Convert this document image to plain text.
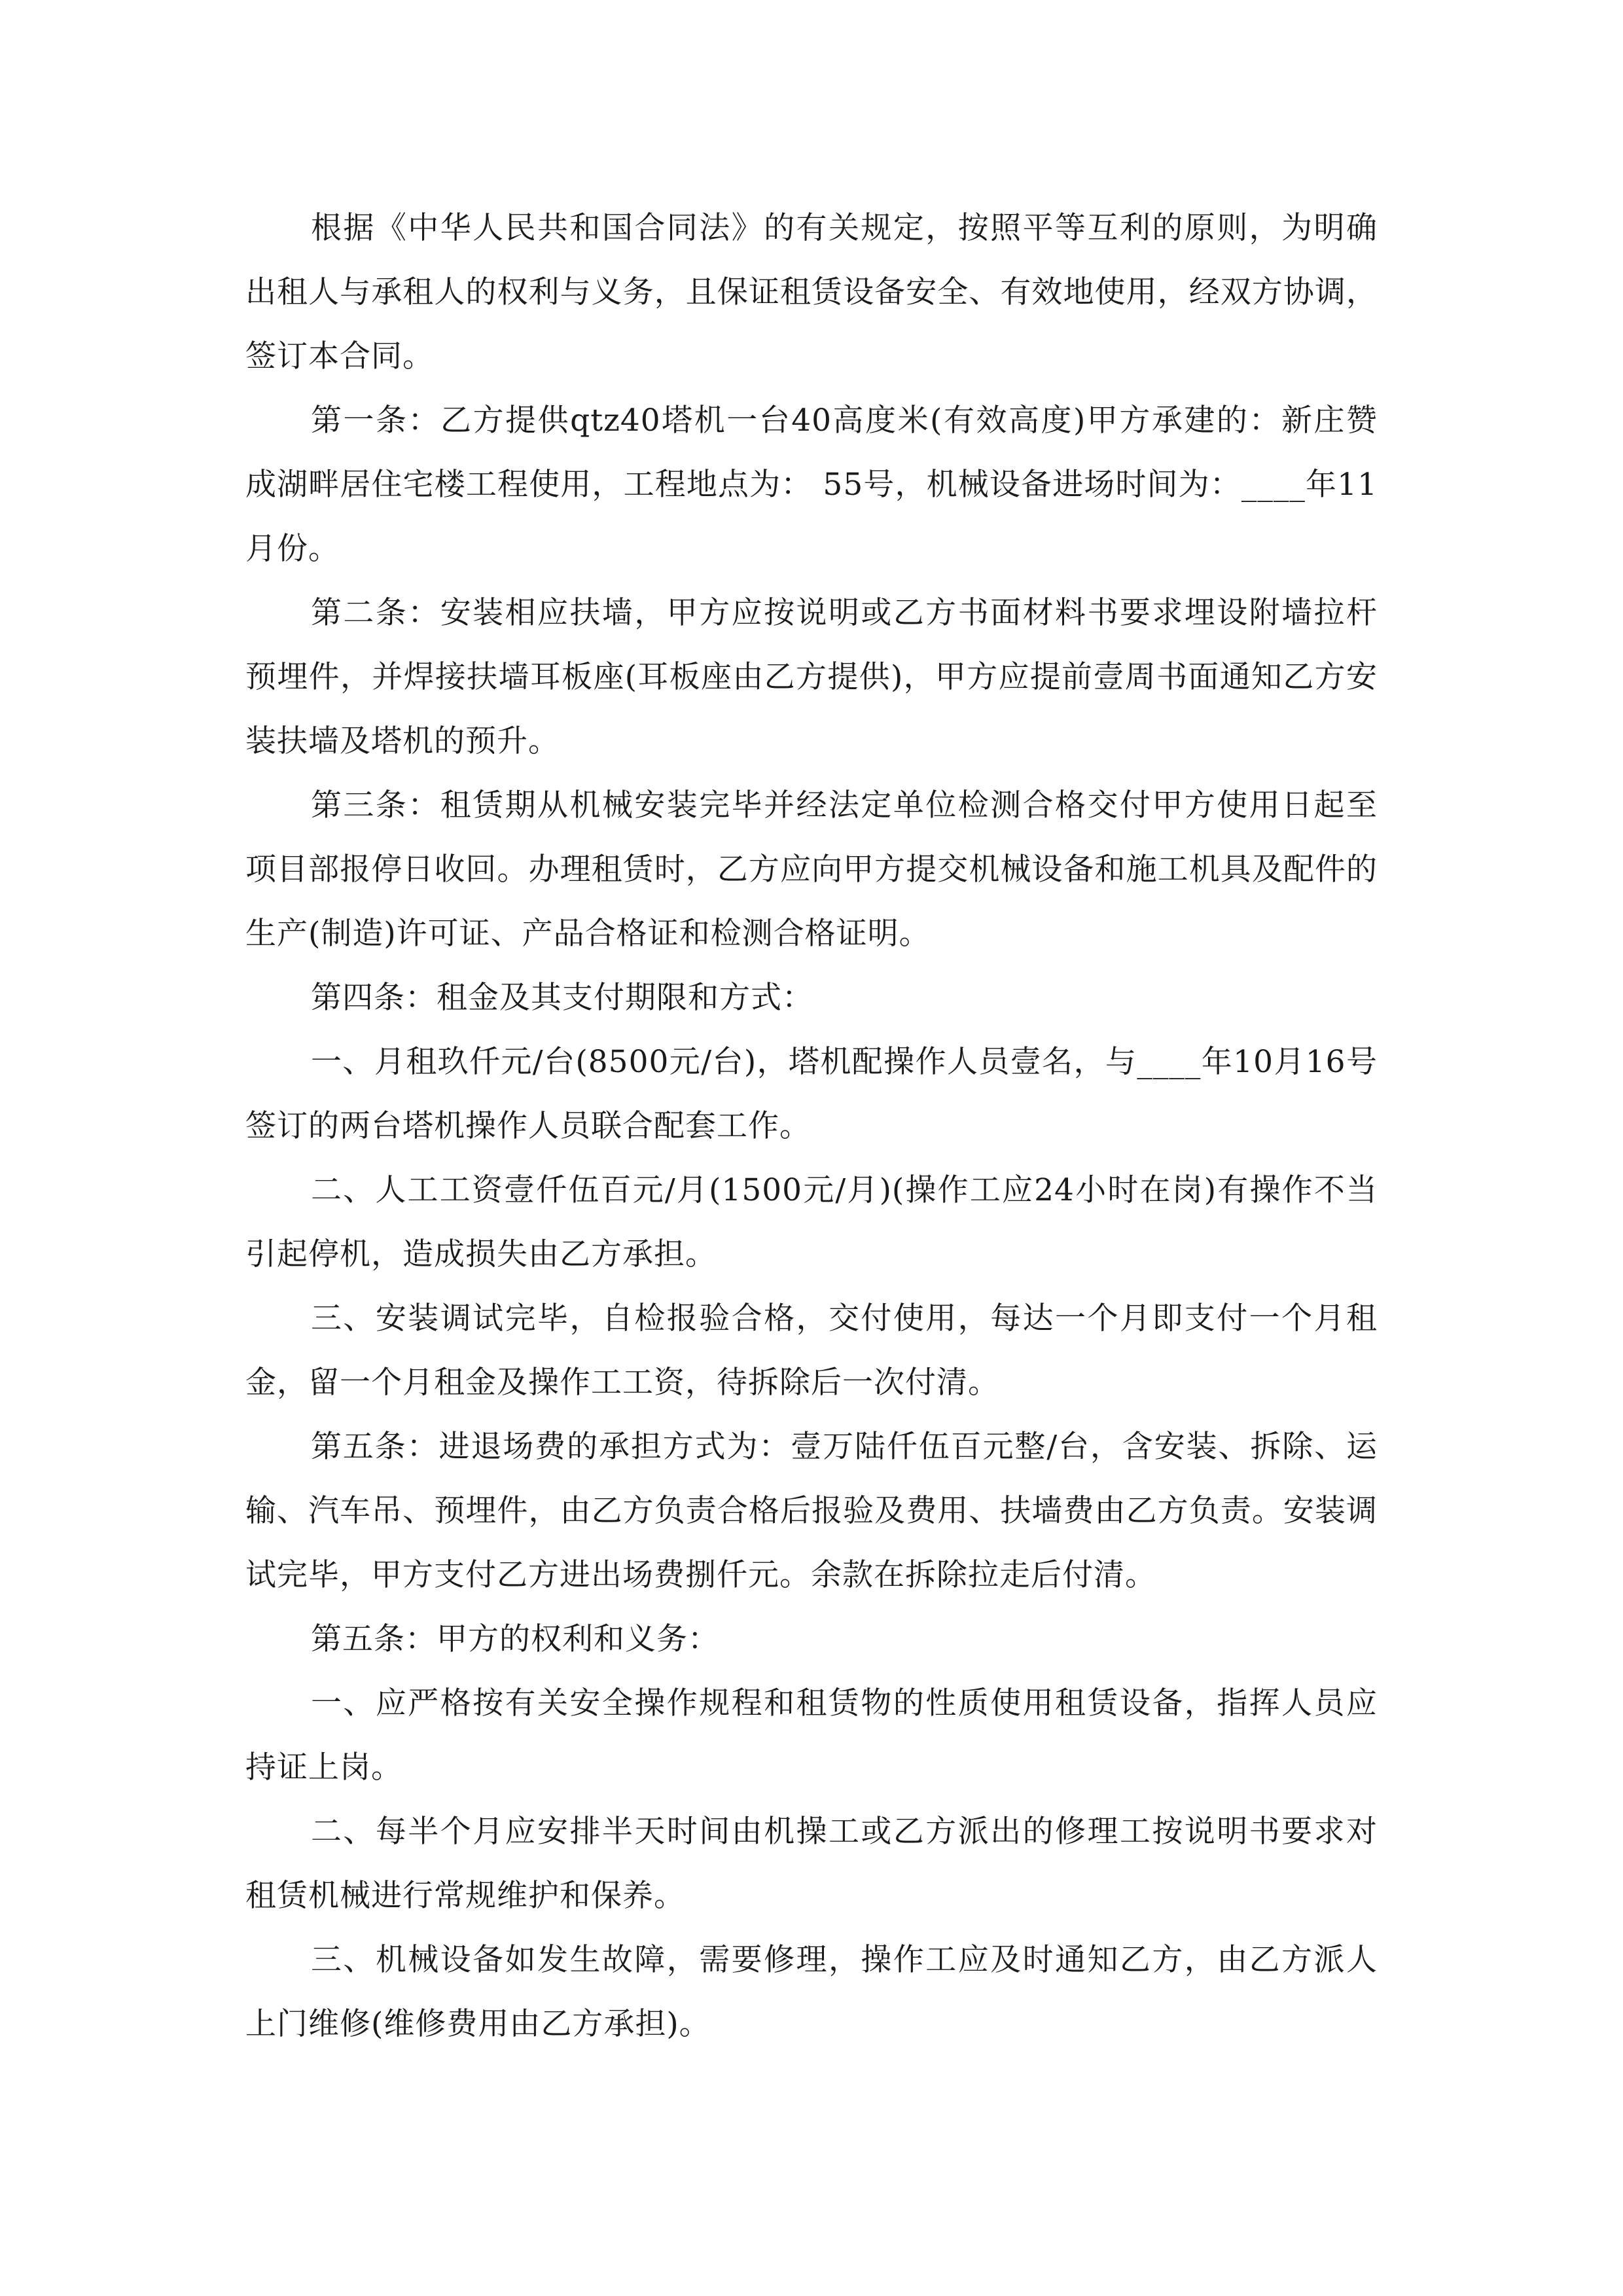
根据《中华人民共和国合同法》的有关规定，按照平等互利的原则，为明确出租人与承租人的权利与义务，且保证租赁设备安全、有效地使用，经双方协调，签订本合同。

第一条：乙方提供qtz40塔机一台40高度米(有效高度)甲方承建的：新庄赞成湖畔居住宅楼工程使用，工程地点为： 55号，机械设备进场时间为：____年11月份。

第二条：安装相应扶墙，甲方应按说明或乙方书面材料书要求埋设附墙拉杆预埋件，并焊接扶墙耳板座(耳板座由乙方提供)，甲方应提前壹周书面通知乙方安装扶墙及塔机的预升。

第三条：租赁期从机械安装完毕并经法定单位检测合格交付甲方使用日起至项目部报停日收回。办理租赁时，乙方应向甲方提交机械设备和施工机具及配件的生产(制造)许可证、产品合格证和检测合格证明。

第四条：租金及其支付期限和方式：

一、月租玖仟元/台(8500元/台)，塔机配操作人员壹名，与____年10月16号签订的两台塔机操作人员联合配套工作。

二、人工工资壹仟伍百元/月(1500元/月)(操作工应24小时在岗)有操作不当引起停机，造成损失由乙方承担。

三、安装调试完毕，自检报验合格，交付使用，每达一个月即支付一个月租金，留一个月租金及操作工工资，待拆除后一次付清。

第五条：进退场费的承担方式为：壹万陆仟伍百元整/台，含安装、拆除、运输、汽车吊、预埋件，由乙方负责合格后报验及费用、扶墙费由乙方负责。安装调试完毕，甲方支付乙方进出场费捌仟元。余款在拆除拉走后付清。

第五条：甲方的权利和义务：

一、应严格按有关安全操作规程和租赁物的性质使用租赁设备，指挥人员应持证上岗。

二、每半个月应安排半天时间由机操工或乙方派出的修理工按说明书要求对租赁机械进行常规维护和保养。

三、机械设备如发生故障，需要修理，操作工应及时通知乙方，由乙方派人上门维修(维修费用由乙方承担)。
